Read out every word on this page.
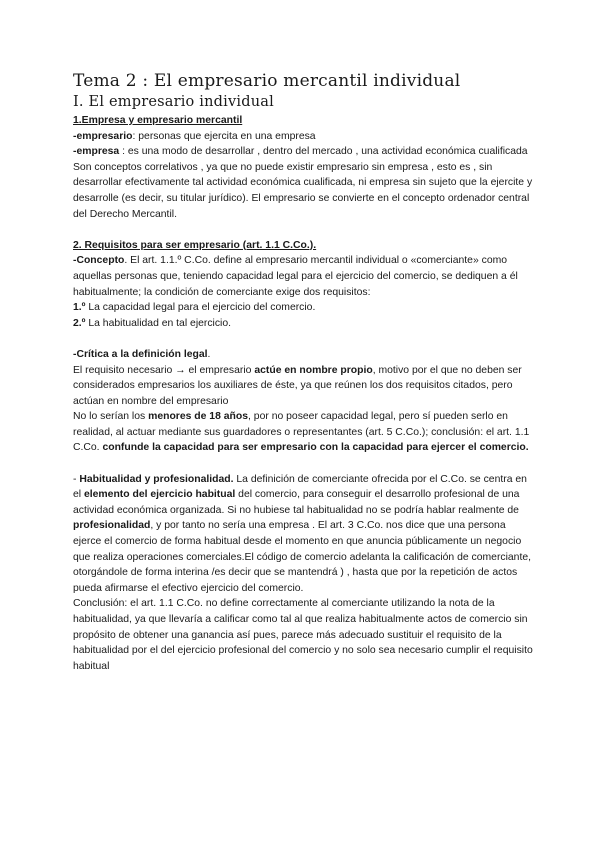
Tema 2 : El empresario mercantil individual
I. El empresario individual

1.Empresa y empresario mercantil

-empresario: personas que ejercita en una empresa

-empresa : es una modo de desarrollar , dentro del mercado , una actividad económica cualificada

Son conceptos correlativos , ya que no puede existir empresario sin empresa , esto es , sin desarrollar efectivamente tal actividad económica cualificada, ni empresa sin sujeto que la ejercite y desarrolle (es decir, su titular jurídico). El empresario se convierte en el concepto ordenador central del Derecho Mercantil.

2. Requisitos para ser empresario (art. 1.1 C.Co.).

-Concepto. El art. 1.1.º C.Co. define al empresario mercantil individual o «comerciante» como aquellas personas que, teniendo capacidad legal para el ejercicio del comercio, se dediquen a él habitualmente; la condición de comerciante exige dos requisitos:

1.º La capacidad legal para el ejercicio del comercio.

2.º La habitualidad en tal ejercicio.

-Crítica a la definición legal.

El requisito necesario → el empresario actúe en nombre propio, motivo por el que no deben ser considerados empresarios los auxiliares de éste, ya que reúnen los dos requisitos citados, pero actúan en nombre del empresario

No lo serían los menores de 18 años, por no poseer capacidad legal, pero sí pueden serlo en realidad, al actuar mediante sus guardadores o representantes (art. 5 C.Co.); conclusión: el art. 1.1 C.Co. confunde la capacidad para ser empresario con la capacidad para ejercer el comercio.

- Habitualidad y profesionalidad. La definición de comerciante ofrecida por el C.Co. se centra en el elemento del ejercicio habitual del comercio, para conseguir el desarrollo profesional de una actividad económica organizada. Si no hubiese tal habitualidad no se podría hablar realmente de profesionalidad, y por tanto no sería una empresa . El art. 3 C.Co. nos dice que una persona ejerce el comercio de forma habitual desde el momento en que anuncia públicamente un negocio que realiza operaciones comerciales.El código de comercio adelanta la calificación de comerciante, otorgándole de forma interina /es decir que se mantendrá ) , hasta que por la repetición de actos pueda afirmarse el efectivo ejercicio del comercio.

Conclusión: el art. 1.1 C.Co. no define correctamente al comerciante utilizando la nota de la habitualidad, ya que llevaría a calificar como tal al que realiza habitualmente actos de comercio sin propósito de obtener una ganancia así pues, parece más adecuado sustituir el requisito de la habitualidad por el del ejercicio profesional del comercio y no solo sea necesario cumplir el requisito habitual
